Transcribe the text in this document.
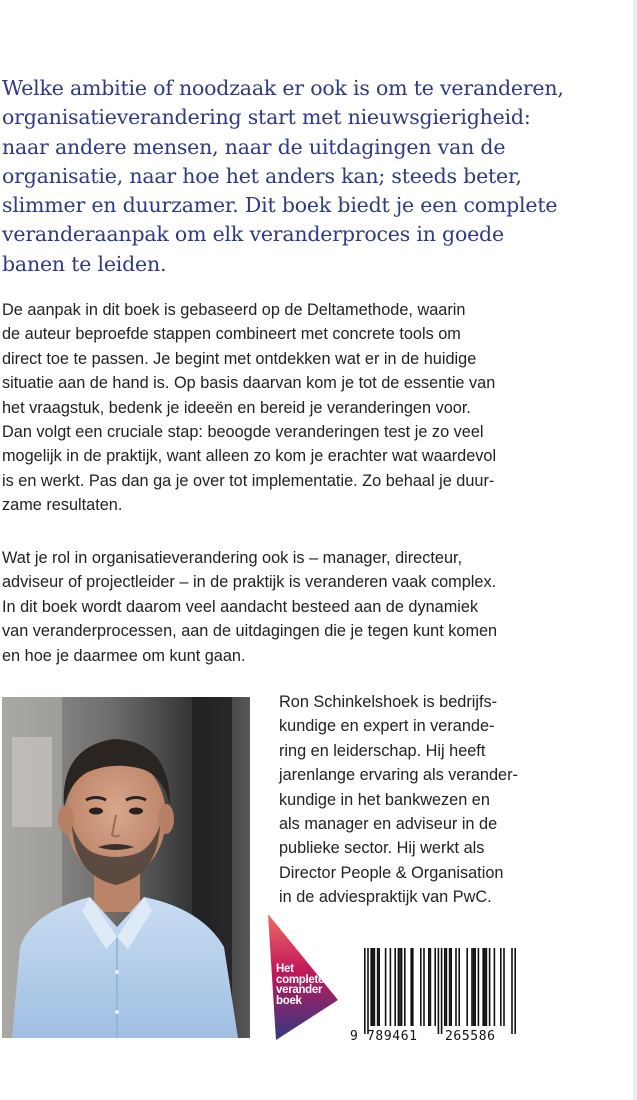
Welke ambitie of noodzaak er ook is om te veranderen,
organisatieverandering start met nieuwsgierigheid:
naar andere mensen, naar de uitdagingen van de
organisatie, naar hoe het anders kan; steeds beter,
slimmer en duurzamer. Dit boek biedt je een complete
veranderaanpak om elk veranderproces in goede
banen te leiden.

De aanpak in dit boek is gebaseerd op de Deltamethode, waarin
de auteur beproefde stappen combineert met concrete tools om
direct toe te passen. Je begint met ontdekken wat er in de huidige
situatie aan de hand is. Op basis daarvan kom je tot de essentie van
het vraagstuk, bedenk je ideeën en bereid je veranderingen voor.
Dan volgt een cruciale stap: beoogde veranderingen test je zo veel
mogelijk in de praktijk, want alleen zo kom je erachter wat waardevol
is en werkt. Pas dan ga je over tot implementatie. Zo behaal je duur-
zame resultaten.

Wat je rol in organisatieverandering ook is – manager, directeur,
adviseur of projectleider – in de praktijk is veranderen vaak complex.
In dit boek wordt daarom veel aandacht besteed aan de dynamiek
van veranderprocessen, aan de uitdagingen die je tegen kunt komen
en hoe je daarmee om kunt gaan.

Ron Schinkelshoek is bedrijfs-
kundige en expert in verande-
ring en leiderschap. Hij heeft
jarenlange ervaring als verander-
kundige in het bankwezen en
als manager en adviseur in de
publieke sector. Hij werkt als
Director People & Organisation
in de adviespraktijk van PwC.

Het
complete
verander
boek
9 789461 265586
